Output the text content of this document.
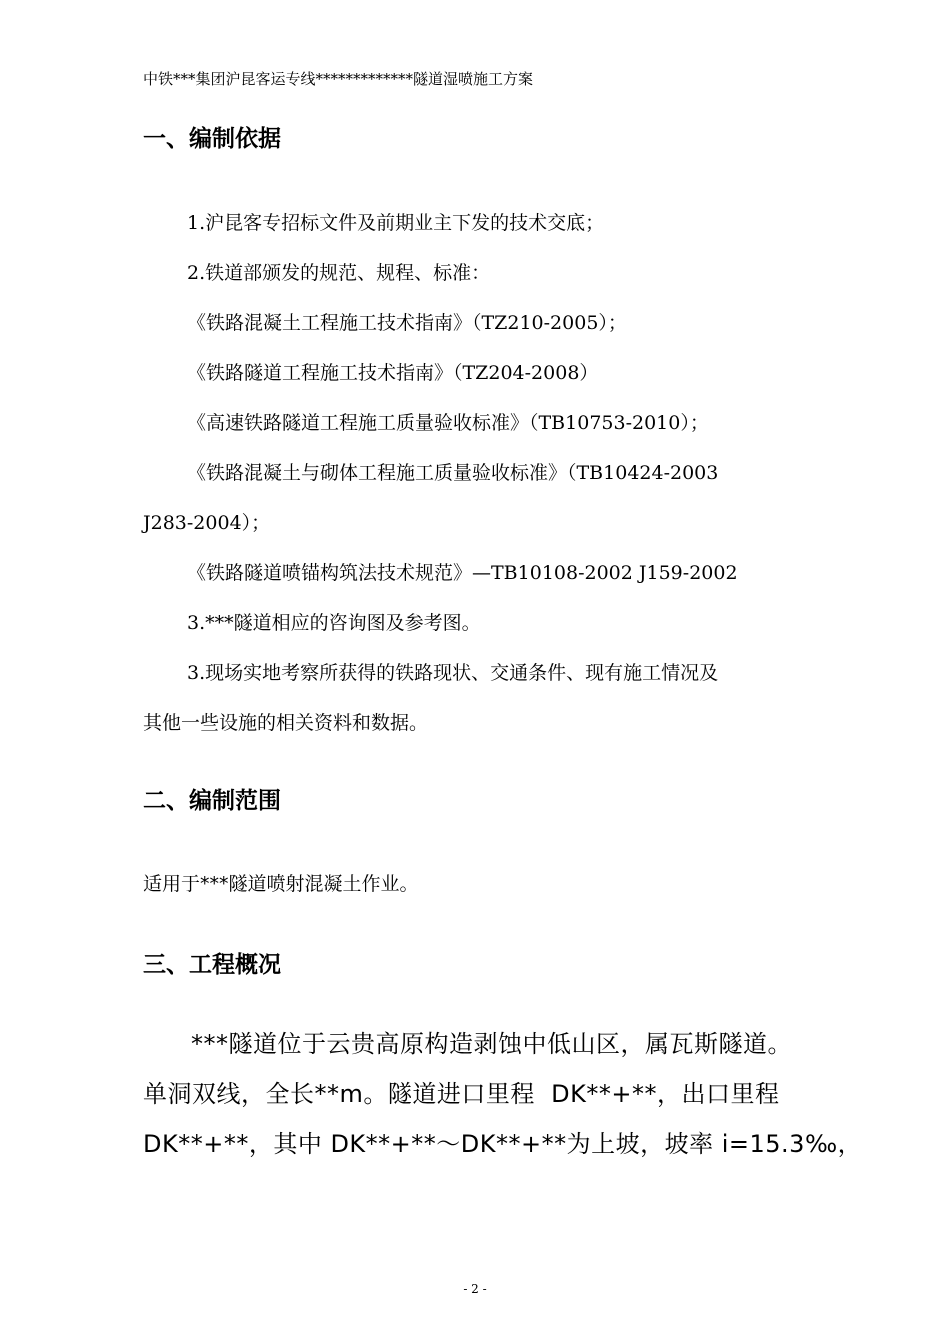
中铁***集团沪昆客运专线*************隧道湿喷施工方案
一、编制依据
1.沪昆客专招标文件及前期业主下发的技术交底；
2.铁道部颁发的规范、规程、标准：
《铁路混凝土工程施工技术指南》（TZ210-2005）；
《铁路隧道工程施工技术指南》（TZ204-2008）
《高速铁路隧道工程施工质量验收标准》（TB10753-2010）；
《铁路混凝土与砌体工程施工质量验收标准》（TB10424-2003
J283-2004）；
《铁路隧道喷锚构筑法技术规范》—TB10108-2002 J159-2002
3.***隧道相应的咨询图及参考图。
3.现场实地考察所获得的铁路现状、交通条件、现有施工情况及
其他一些设施的相关资料和数据。
二、编制范围
适用于***隧道喷射混凝土作业。
三、工程概况
***隧道位于云贵高原构造剥蚀中低山区，属瓦斯隧道。
单洞双线，全长**m。隧道进口里程  DK**+**，出口里程
DK**+**，其中 DK**+**～DK**+**为上坡，坡率 i=15.3‰，
- 2 -
